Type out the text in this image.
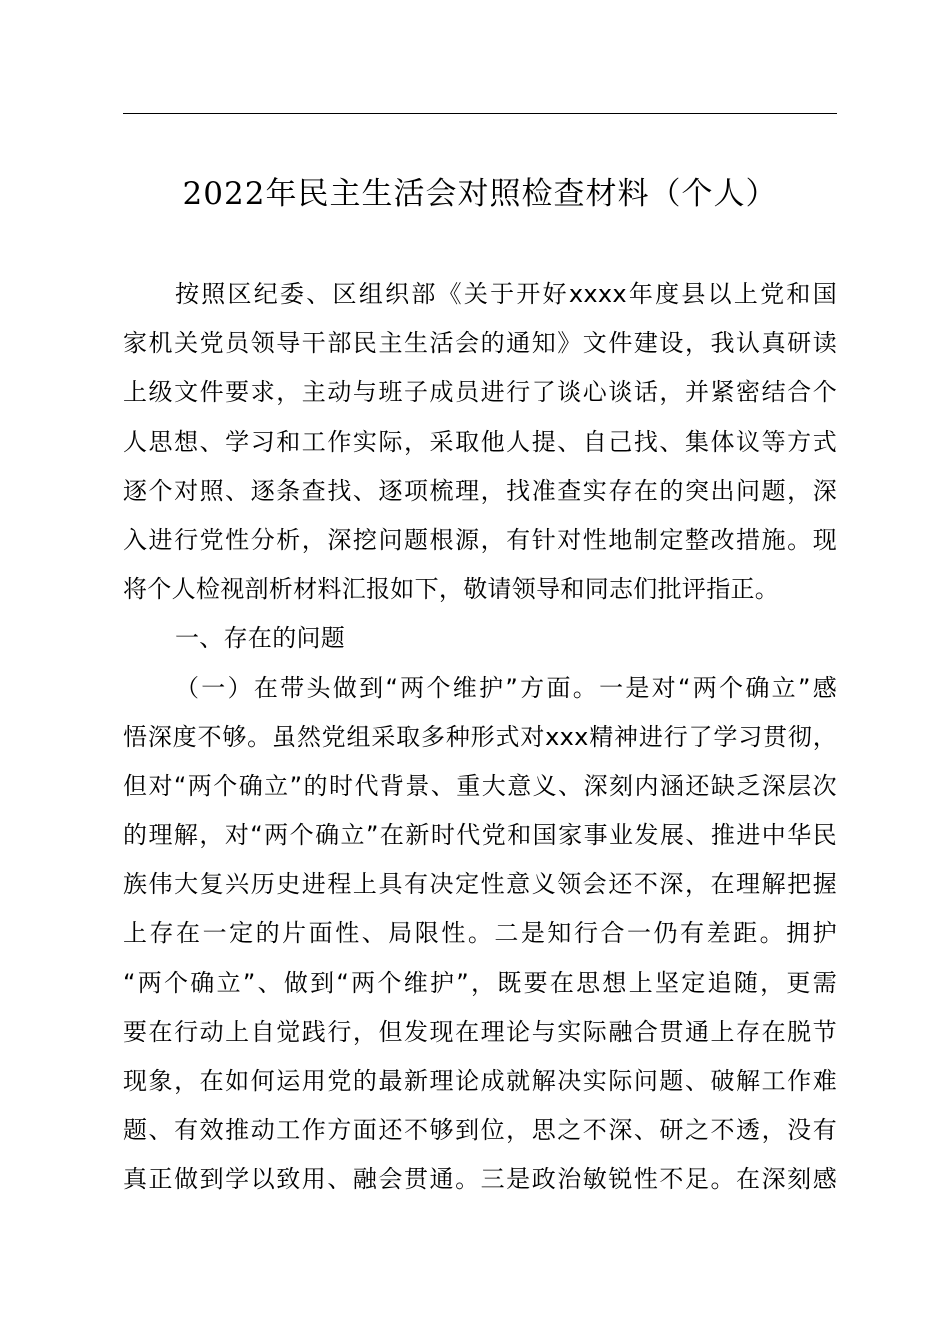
2022年民主生活会对照检查材料（个人）
按照区纪委、区组织部《关于开好xxxx年度县以上党和国
家机关党员领导干部民主生活会的通知》文件建设，我认真研读
上级文件要求，主动与班子成员进行了谈心谈话，并紧密结合个
人思想、学习和工作实际，采取他人提、自己找、集体议等方式
逐个对照、逐条查找、逐项梳理，找准查实存在的突出问题，深
入进行党性分析，深挖问题根源，有针对性地制定整改措施。现
将个人检视剖析材料汇报如下，敬请领导和同志们批评指正。
一、存在的问题
（一）在带头做到“两个维护”方面。一是对“两个确立”感
悟深度不够。虽然党组采取多种形式对xxx精神进行了学习贯彻，
但对“两个确立”的时代背景、重大意义、深刻内涵还缺乏深层次
的理解，对“两个确立”在新时代党和国家事业发展、推进中华民
族伟大复兴历史进程上具有决定性意义领会还不深，在理解把握
上存在一定的片面性、局限性。二是知行合一仍有差距。拥护
“两个确立”、做到“两个维护”，既要在思想上坚定追随，更需
要在行动上自觉践行，但发现在理论与实际融合贯通上存在脱节
现象，在如何运用党的最新理论成就解决实际问题、破解工作难
题、有效推动工作方面还不够到位，思之不深、研之不透，没有
真正做到学以致用、融会贯通。三是政治敏锐性不足。在深刻感
